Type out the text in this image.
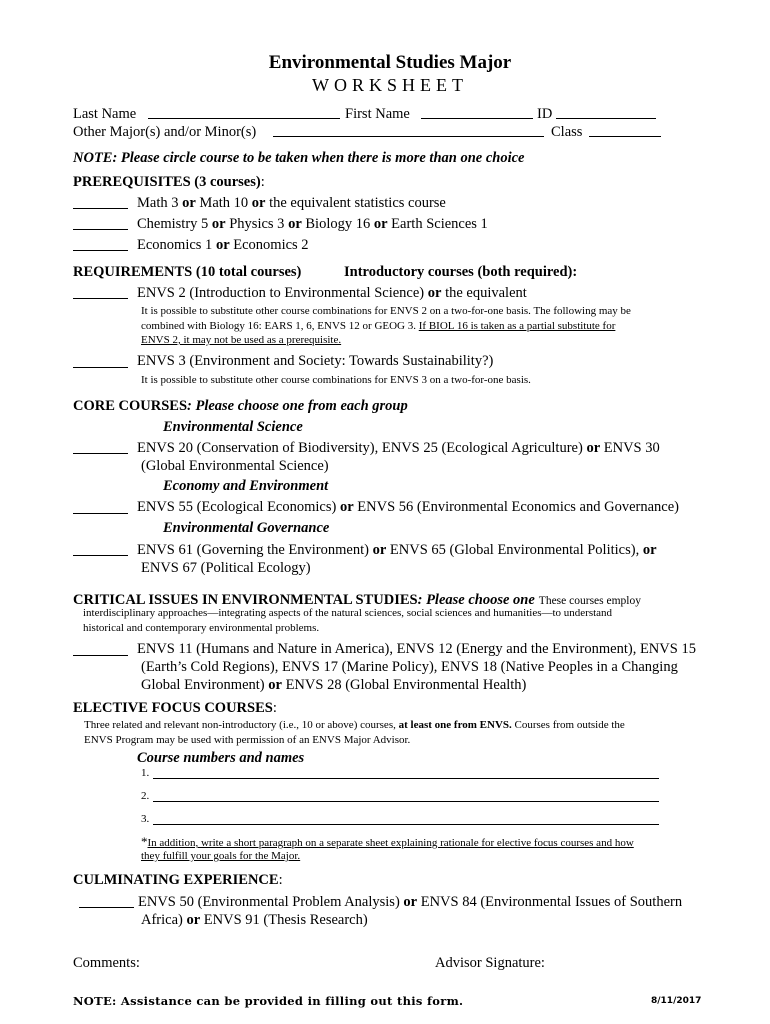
Environmental Studies Major
WORKSHEET
Last Name	First Name	ID
Other Major(s) and/or Minor(s)	Class
NOTE: Please circle course to be taken when there is more than one choice
PREREQUISITES (3 courses):
Math 3 or Math 10 or the equivalent statistics course
Chemistry 5 or Physics 3 or Biology 16 or Earth Sciences 1
Economics 1 or Economics 2
REQUIREMENTS (10 total courses)	Introductory courses (both required):
ENVS 2 (Introduction to Environmental Science) or the equivalent
It is possible to substitute other course combinations for ENVS 2 on a two-for-one basis. The following may be
combined with Biology 16: EARS 1, 6, ENVS 12 or GEOG 3. If BIOL 16 is taken as a partial substitute for
ENVS 2, it may not be used as a prerequisite.
ENVS 3 (Environment and Society: Towards Sustainability?)
It is possible to substitute other course combinations for ENVS 3 on a two-for-one basis.
CORE COURSES: Please choose one from each group
Environmental Science
ENVS 20 (Conservation of Biodiversity), ENVS 25 (Ecological Agriculture) or ENVS 30
(Global Environmental Science)
Economy and Environment
ENVS 55 (Ecological Economics) or ENVS 56 (Environmental Economics and Governance)
Environmental Governance
ENVS 61 (Governing the Environment) or ENVS 65 (Global Environmental Politics), or
ENVS 67 (Political Ecology)
CRITICAL ISSUES IN ENVIRONMENTAL STUDIES: Please choose one These courses employ
interdisciplinary approaches—integrating aspects of the natural sciences, social sciences and humanities—to understand
historical and contemporary environmental problems.
ENVS 11 (Humans and Nature in America), ENVS 12 (Energy and the Environment), ENVS 15
(Earth’s Cold Regions), ENVS 17 (Marine Policy), ENVS 18 (Native Peoples in a Changing
Global Environment) or ENVS 28 (Global Environmental Health)
ELECTIVE FOCUS COURSES:
Three related and relevant non-introductory (i.e., 10 or above) courses, at least one from ENVS. Courses from outside the
ENVS Program may be used with permission of an ENVS Major Advisor.
Course numbers and names
1.
2.
3.
*In addition, write a short paragraph on a separate sheet explaining rationale for elective focus courses and how
they fulfill your goals for the Major.
CULMINATING EXPERIENCE:
ENVS 50 (Environmental Problem Analysis) or ENVS 84 (Environmental Issues of Southern
Africa) or ENVS 91 (Thesis Research)
Comments:	Advisor Signature:
NOTE: Assistance can be provided in filling out this form.	8/11/2017
